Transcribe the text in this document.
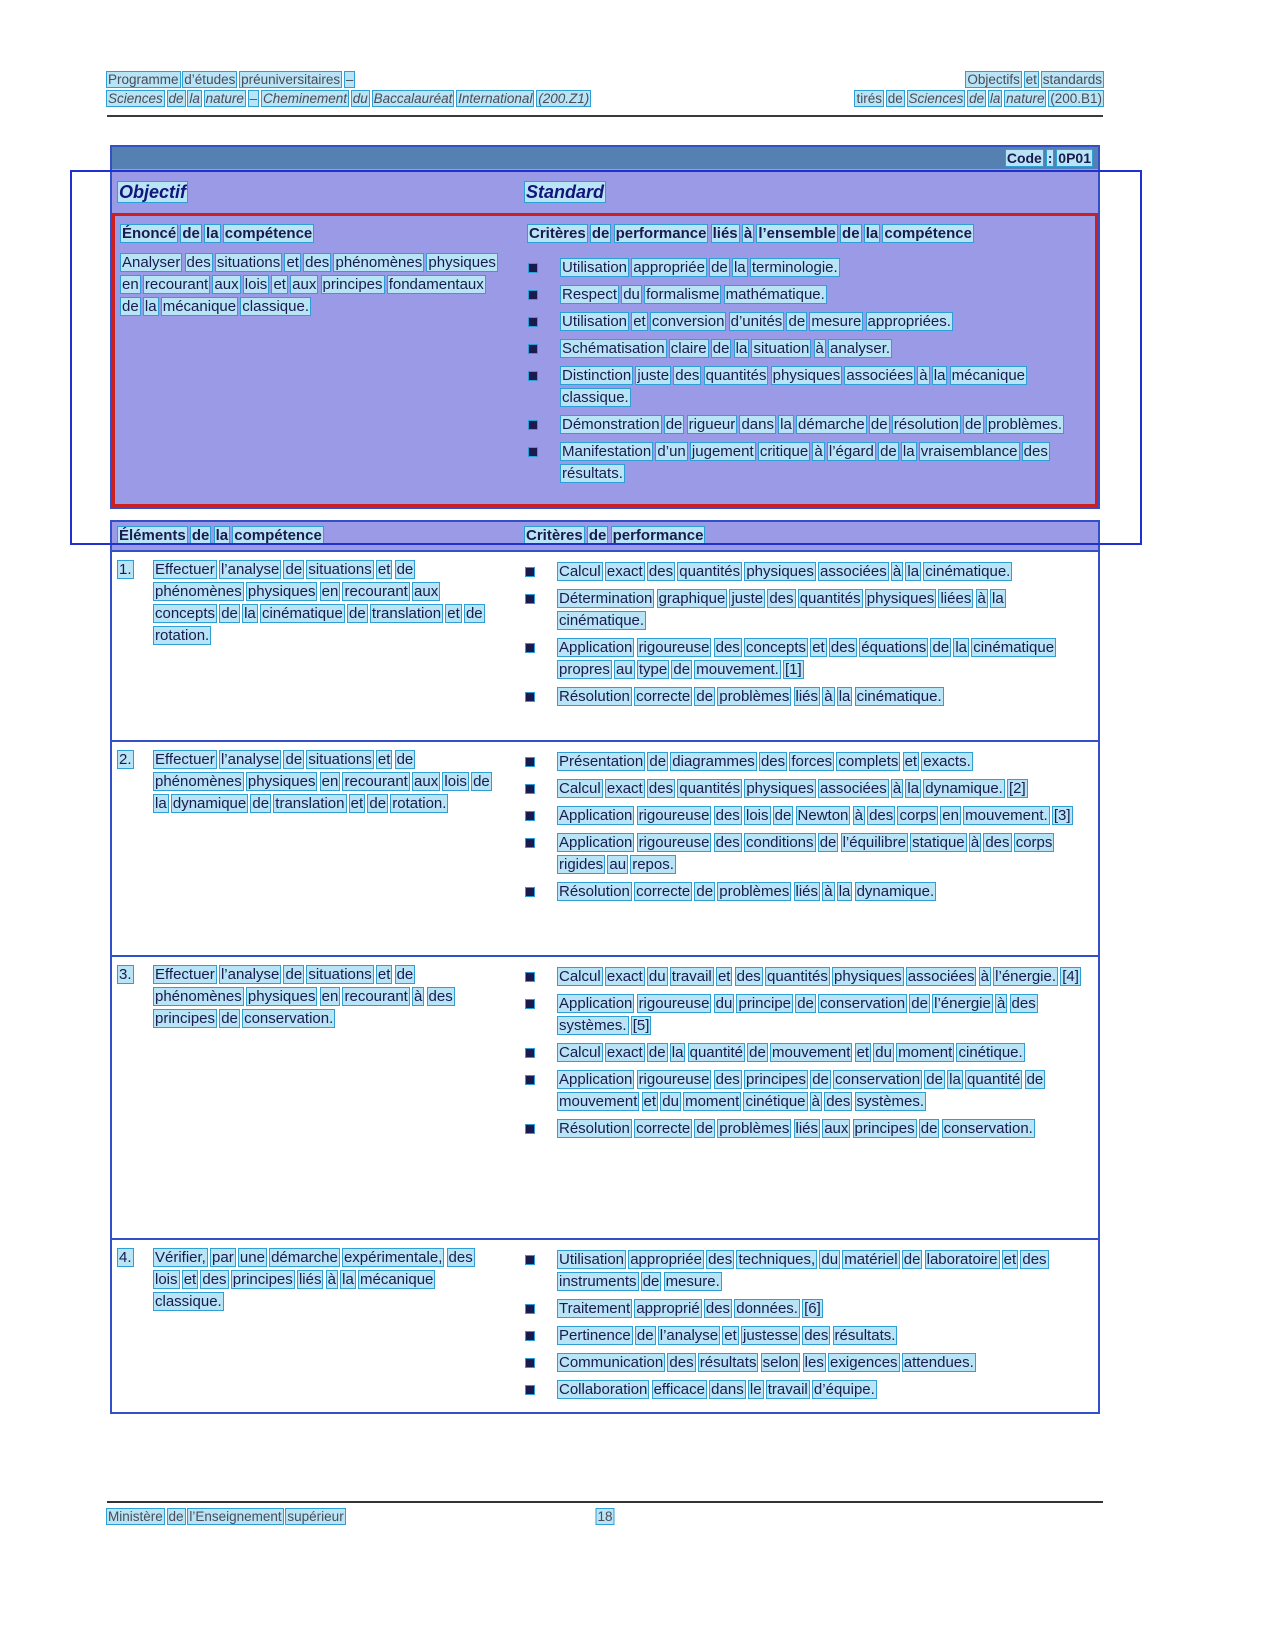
Programme d’études préuniversitaires –	Objectifs et standards
Sciences de la nature – Cheminement du Baccalauréat International (200.Z1)	tirés de Sciences de la nature (200.B1)
Code : 0P01
Objectif	Standard
Énoncé de la compétence	Critères de performance liés à l’ensemble de la compétence
Analyser des situations et des phénomènes physiques en recourant aux lois et aux principes fondamentaux de la mécanique classique.
Utilisation appropriée de la terminologie.
Respect du formalisme mathématique.
Utilisation et conversion d’unités de mesure appropriées.
Schématisation claire de la situation à analyser.
Distinction juste des quantités physiques associées à la mécanique classique.
Démonstration de rigueur dans la démarche de résolution de problèmes.
Manifestation d’un jugement critique à l’égard de la vraisemblance des résultats.
Éléments de la compétence	Critères de performance
1.	Effectuer l’analyse de situations et de phénomènes physiques en recourant aux concepts de la cinématique de translation et de rotation.
Calcul exact des quantités physiques associées à la cinématique.
Détermination graphique juste des quantités physiques liées à la cinématique.
Application rigoureuse des concepts et des équations de la cinématique propres au type de mouvement. [1]
Résolution correcte de problèmes liés à la cinématique.
2.	Effectuer l’analyse de situations et de phénomènes physiques en recourant aux lois de la dynamique de translation et de rotation.
Présentation de diagrammes des forces complets et exacts.
Calcul exact des quantités physiques associées à la dynamique. [2]
Application rigoureuse des lois de Newton à des corps en mouvement. [3]
Application rigoureuse des conditions de l’équilibre statique à des corps rigides au repos.
Résolution correcte de problèmes liés à la dynamique.
3.	Effectuer l’analyse de situations et de phénomènes physiques en recourant à des principes de conservation.
Calcul exact du travail et des quantités physiques associées à l’énergie. [4]
Application rigoureuse du principe de conservation de l’énergie à des systèmes. [5]
Calcul exact de la quantité de mouvement et du moment cinétique.
Application rigoureuse des principes de conservation de la quantité de mouvement et du moment cinétique à des systèmes.
Résolution correcte de problèmes liés aux principes de conservation.
4.	Vérifier, par une démarche expérimentale, des lois et des principes liés à la mécanique classique.
Utilisation appropriée des techniques, du matériel de laboratoire et des instruments de mesure.
Traitement approprié des données. [6]
Pertinence de l’analyse et justesse des résultats.
Communication des résultats selon les exigences attendues.
Collaboration efficace dans le travail d’équipe.
Ministère de l’Enseignement supérieur	18
